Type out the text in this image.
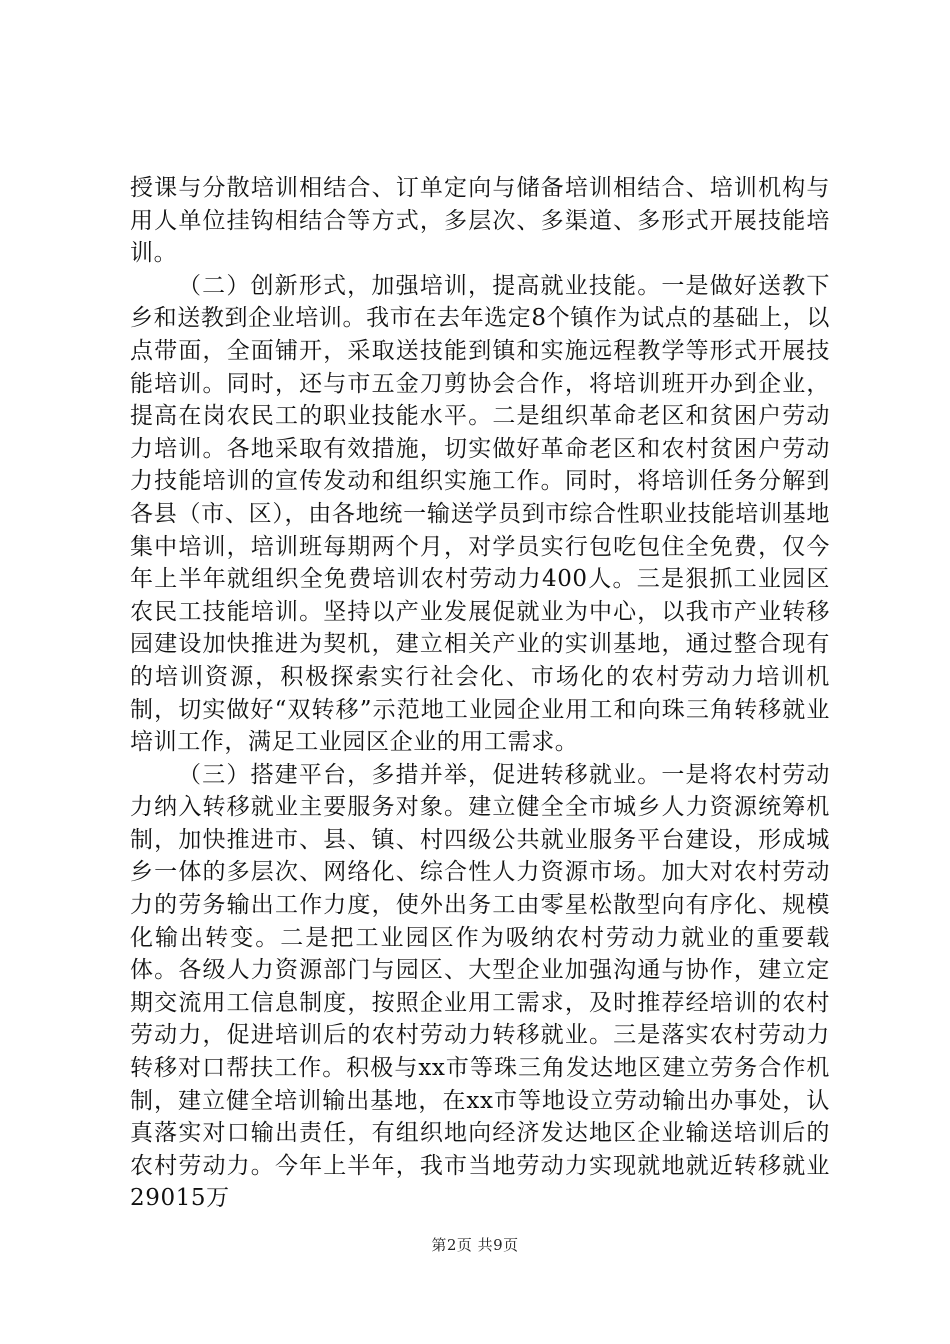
授课与分散培训相结合、订单定向与储备培训相结合、培训机构与用人单位挂钩相结合等方式，多层次、多渠道、多形式开展技能培训。

（二）创新形式，加强培训，提高就业技能。一是做好送教下乡和送教到企业培训。我市在去年选定8个镇作为试点的基础上，以点带面，全面铺开，采取送技能到镇和实施远程教学等形式开展技能培训。同时，还与市五金刀剪协会合作，将培训班开办到企业，提高在岗农民工的职业技能水平。二是组织革命老区和贫困户劳动力培训。各地采取有效措施，切实做好革命老区和农村贫困户劳动力技能培训的宣传发动和组织实施工作。同时，将培训任务分解到各县（市、区），由各地统一输送学员到市综合性职业技能培训基地集中培训，培训班每期两个月，对学员实行包吃包住全免费，仅今年上半年就组织全免费培训农村劳动力400人。三是狠抓工业园区农民工技能培训。坚持以产业发展促就业为中心，以我市产业转移园建设加快推进为契机，建立相关产业的实训基地，通过整合现有的培训资源，积极探索实行社会化、市场化的农村劳动力培训机制，切实做好“双转移”示范地工业园企业用工和向珠三角转移就业培训工作，满足工业园区企业的用工需求。

（三）搭建平台，多措并举，促进转移就业。一是将农村劳动力纳入转移就业主要服务对象。建立健全全市城乡人力资源统筹机制，加快推进市、县、镇、村四级公共就业服务平台建设，形成城乡一体的多层次、网络化、综合性人力资源市场。加大对农村劳动力的劳务输出工作力度，使外出务工由零星松散型向有序化、规模化输出转变。二是把工业园区作为吸纳农村劳动力就业的重要载体。各级人力资源部门与园区、大型企业加强沟通与协作，建立定期交流用工信息制度，按照企业用工需求，及时推荐经培训的农村劳动力，促进培训后的农村劳动力转移就业。三是落实农村劳动力转移对口帮扶工作。积极与xx市等珠三角发达地区建立劳务合作机制，建立健全培训输出基地，在xx市等地设立劳动输出办事处，认真落实对口输出责任，有组织地向经济发达地区企业输送培训后的农村劳动力。今年上半年，我市当地劳动力实现就地就近转移就业29015万

第2页 共9页
